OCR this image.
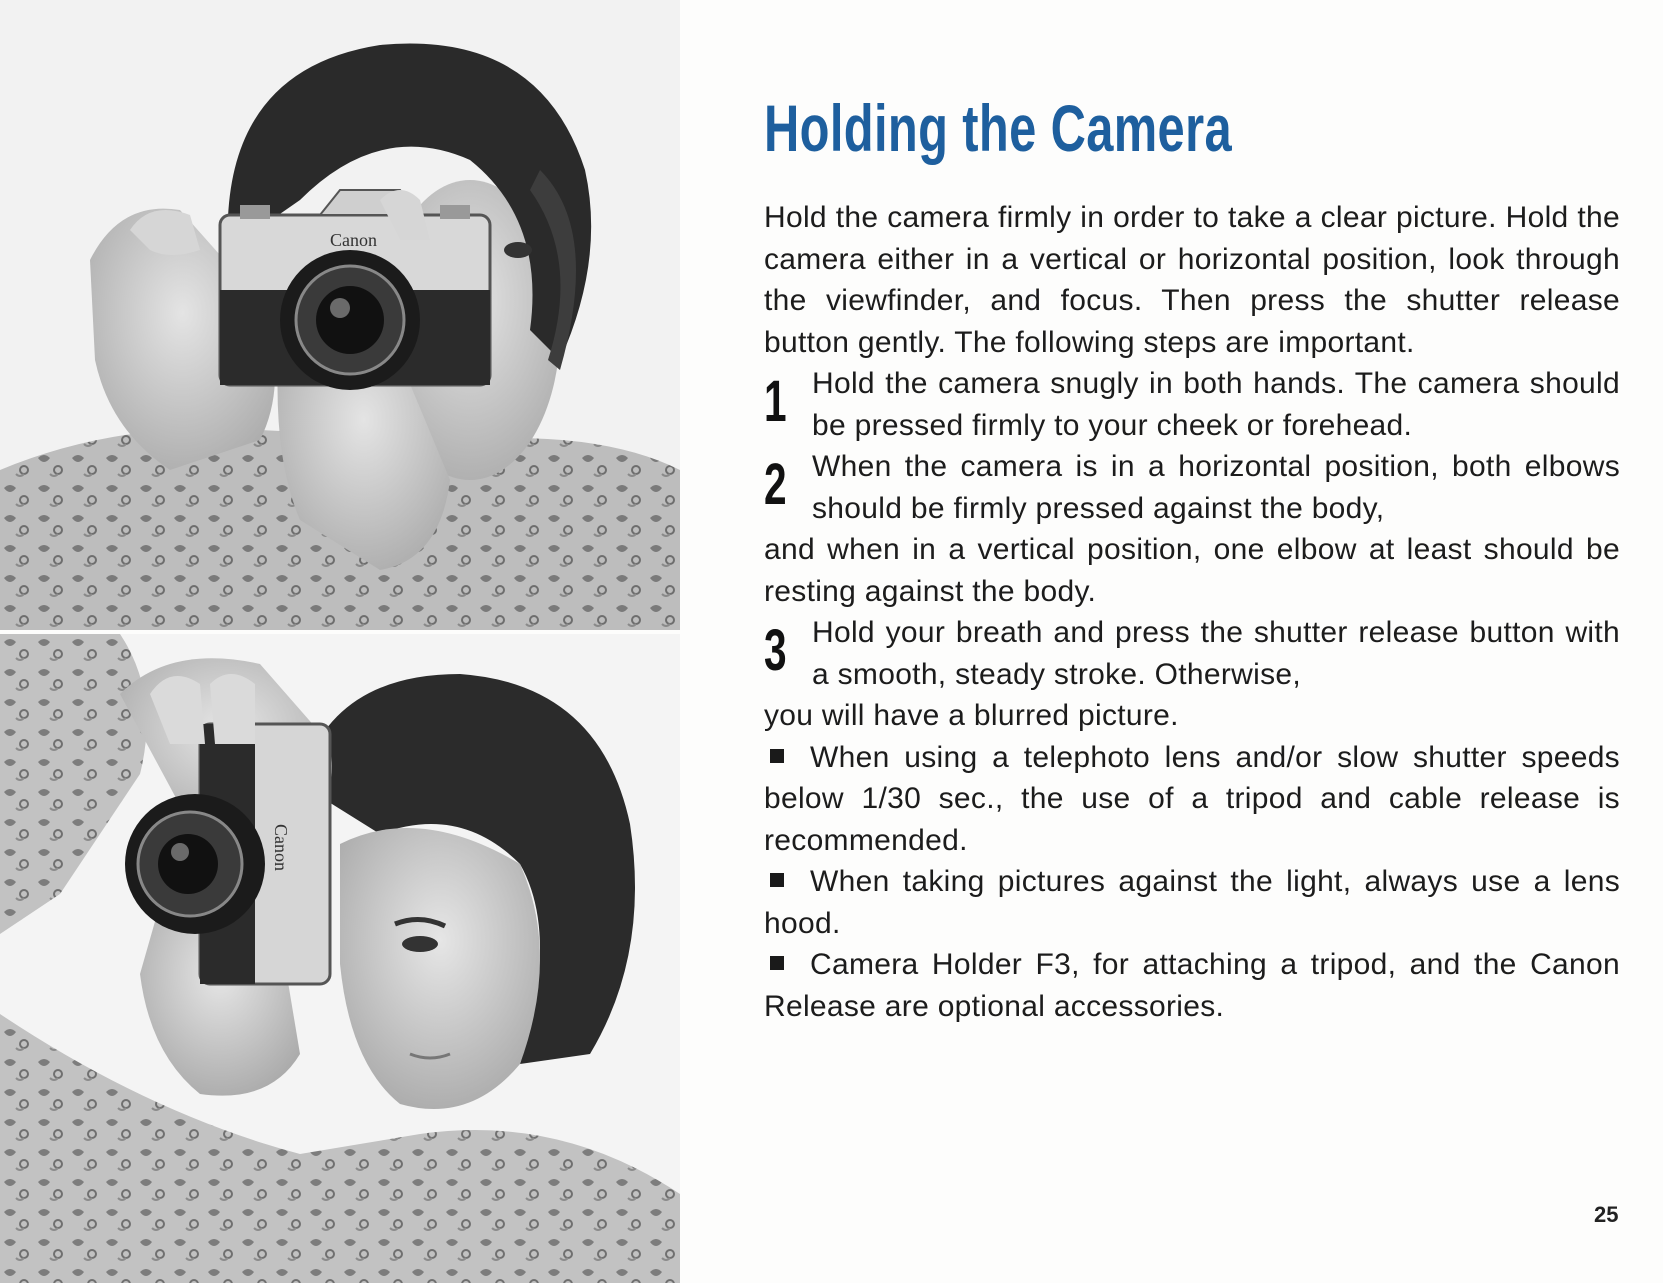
Canon
Canon
Holding the Camera

Hold the camera firmly in order to take a clear picture. Hold the camera either in a vertical or horizontal position, look through the viewfinder, and focus. Then press the shutter release button gently. The following steps are important.

1 Hold the camera snugly in both hands. The camera should be pressed firmly to your cheek or forehead.
2 When the camera is in a horizontal position, both elbows should be firmly pressed against the body,

and when in a vertical position, one elbow at least should be resting against the body.

3 Hold your breath and press the shutter release button with a smooth, steady stroke. Otherwise,

you will have a blurred picture.

When using a telephoto lens and/or slow shutter speeds below 1/30 sec., the use of a tripod and cable release is recommended.

When taking pictures against the light, always use a lens hood.

Camera Holder F3, for attaching a tripod, and the Canon Release are optional accessories.

25
